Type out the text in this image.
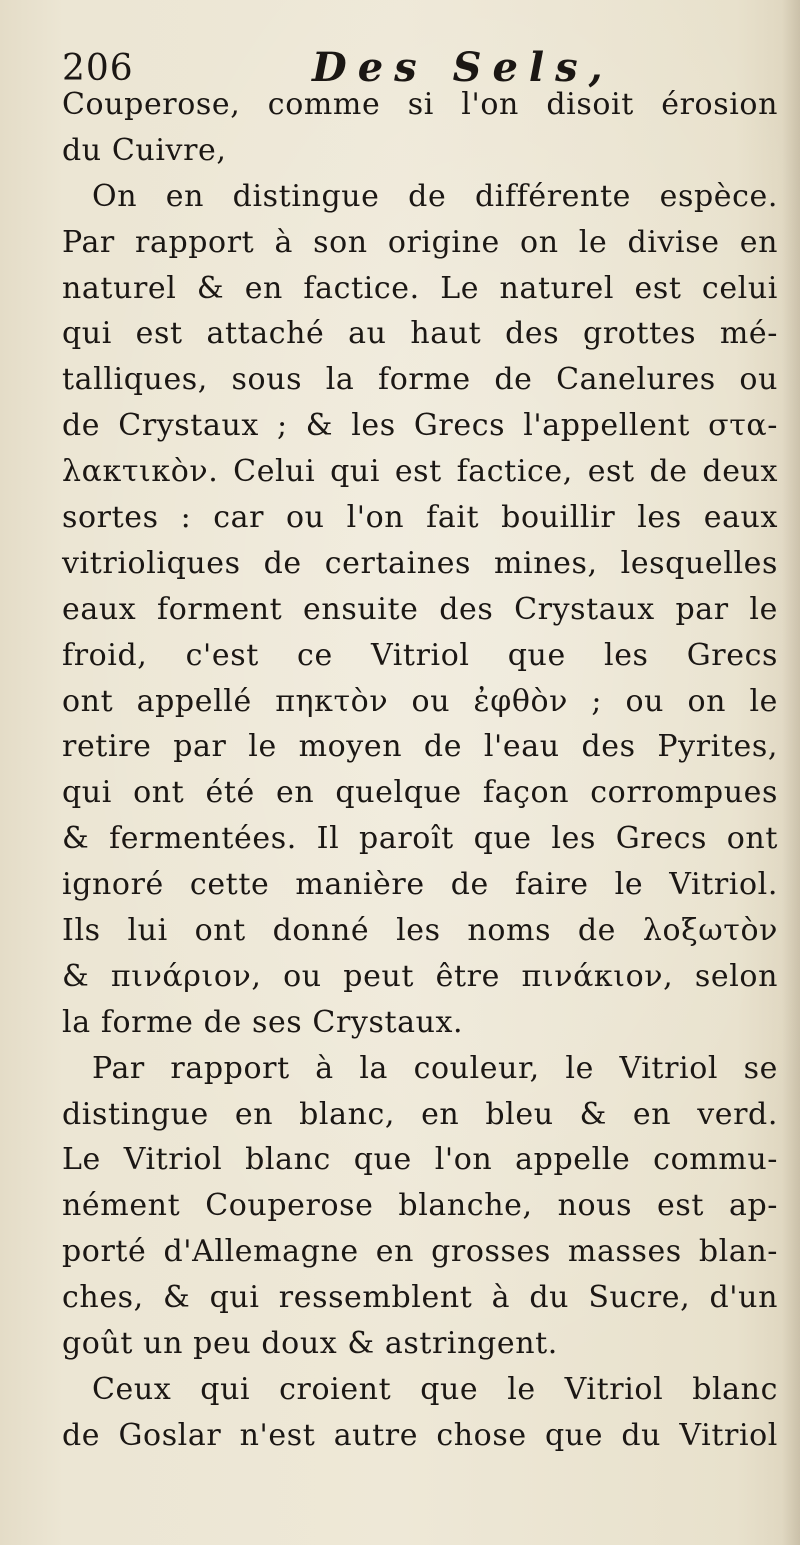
206	Des Sels,
Couperose, comme si l'on disoit érosion
du Cuivre,
On en distingue de différente espèce.
Par rapport à son origine on le divise en
naturel & en factice. Le naturel est celui
qui est attaché au haut des grottes mé-
talliques, sous la forme de Canelures ou
de Crystaux ; & les Grecs l'appellent στα-
λακτικὸν. Celui qui est factice, est de deux
sortes : car ou l'on fait bouillir les eaux
vitrioliques de certaines mines, lesquelles
eaux forment ensuite des Crystaux par le
froid, c'est ce Vitriol que les Grecs
ont appellé πηκτὸν ou ἐφθὸν ; ou on le
retire par le moyen de l'eau des Pyrites,
qui ont été en quelque façon corrompues
& fermentées. Il paroît que les Grecs ont
ignoré cette manière de faire le Vitriol.
Ils lui ont donné les noms de λοξωτὸν
& πινάριον, ou peut être πινάκιον, selon
la forme de ses Crystaux.
Par rapport à la couleur, le Vitriol se
distingue en blanc, en bleu & en verd.
Le Vitriol blanc que l'on appelle commu-
nément Couperose blanche, nous est ap-
porté d'Allemagne en grosses masses blan-
ches, & qui ressemblent à du Sucre, d'un
goût un peu doux & astringent.
Ceux qui croient que le Vitriol blanc
de Goslar n'est autre chose que du Vitriol
